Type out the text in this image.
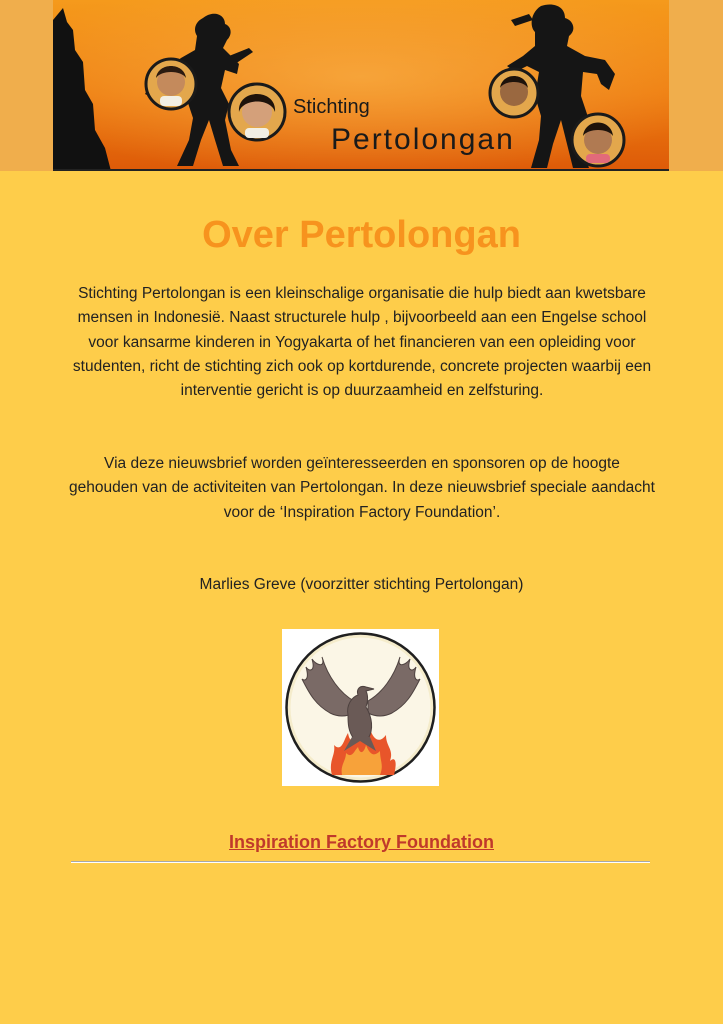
Stichting
Pertolongan
Over Pertolongan

Stichting Pertolongan is een kleinschalige organisatie die hulp biedt aan kwetsbare mensen in Indonesië. Naast structurele hulp , bijvoorbeeld aan een Engelse school voor kansarme kinderen in Yogyakarta of het financieren van een opleiding voor studenten, richt de stichting zich ook op kortdurende, concrete projecten waarbij een interventie gericht is op duurzaamheid en zelfsturing.

Via deze nieuwsbrief worden geïnteresseerden en sponsoren op de hoogte gehouden van de activiteiten van Pertolongan. In deze nieuwsbrief speciale aandacht voor de ‘Inspiration Factory Foundation’.

Marlies Greve (voorzitter stichting Pertolongan)

Inspiration Factory Foundation
